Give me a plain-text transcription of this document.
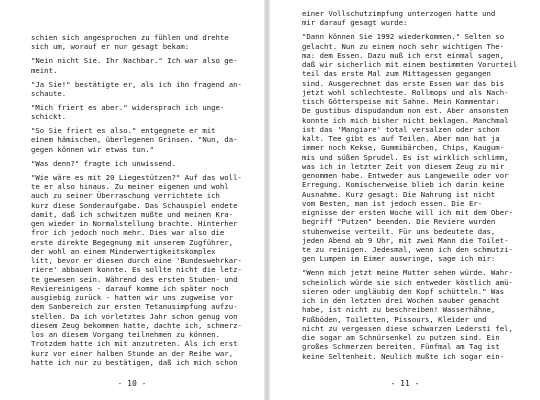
schien sich angesprochen zu fühlen und drehte
sich um, worauf er nur gesagt bekam:
"Nein nicht Sie. Ihr Nachbar." Ich war also ge-
meint.
"Ja Sie!" bestätigte er, als ich ihn fragend an-
schaute.
"Mich friert es aber." widersprach ich unge-
schickt.
"So Sie friert es also." entgegnete er mit
einem hämischen, überlegenen Grinsen. "Nun, da-
gegen können wir etwas tun."
"Was denn?" fragte ich unwissend.
"Wie wäre es mit 20 Liegestützen?" Auf das woll-
te er also hinaus. Zu meiner eigenen und wohl
auch zu seiner Überraschung verrichtete ich
kurz diese Sonderaufgabe. Das Schauspiel endete
damit, daß ich schwitzen mußte und meinen Kra-
gen wieder in Normalstellung brachte. Hinterher
fror ich jedoch noch mehr. Dies war also die
erste direkte Begegnung mit unserem Zugführer,
der wohl an einem Minderwertigkeitskomplex
litt, bevor er diesen durch eine 'Bundeswehrkar-
riere' abbauen konnte. Es sollte nicht die letz-
te gewesen sein. Während des ersten Stuben- und
Reviereinigens - darauf komme ich später noch
ausgiebig zurück - hatten wir uns zugweise vor
dem Sanbereich zur ersten Tetanusimpfung aufzu-
stellen. Da ich vorletztes Jahr schon genug von
diesem Zeug bekommen hatte, dachte ich, schmerz-
los an diesem Vorgang teilnehmen zu können.
Trotzdem hatte ich mit anzutreten. Als ich erst
kurz vor einer halben Stunde an der Reihe war,
hatte ich nur zu bestätigen, daß ich mich schon
- 10 -
einer Vollschutzimpfung unterzogen hatte und
mir darauf gesagt wurde:
"Dann können Sie 1992 wiederkommen." Selten so
gelacht. Nun zu einem noch sehr wichtigen The-
ma: dem Essen. Dazu muß ich erst einmal sagen,
daß wir sicherlich mit einem bestimmten Vorurteil
teil das erste Mal zum Mittagessen gegangen
sind. Ausgerechnet das erste Essen war das bis
jetzt wohl schlechteste. Rollmops und als Nach-
tisch Götterspeise mit Sahne. Mein Kommentar:
De gustibus dispudandum non est. Aber ansonsten
konnte ich mich bisher nicht beklagen. Manchmal
ist das 'Mangiare' total versalzen oder schon
kalt. Tee gibt es auf Teilen. Aber man hat ja
immer noch Kekse, Gummibärchen, Chips, Kaugum-
mis und süßen Sprudel. Es ist wirklich schlimm,
was ich in letzter Zeit von diesem Zeug zu mir
genommen habe. Entweder aus Langeweile oder vor
Erregung. Komischerweise blieb ich darin keine
Ausnahme. Kurz gesagt: Die Nahrung ist nicht
vom Besten, man ist jedoch essen. Die Er-
eignisse der ersten Woche will ich mit dem Ober-
begriff "Putzen" beenden. Die Reviere wurden
stubenweise verteilt. Für uns bedeutete das,
jeden Abend ab 9 Uhr, mit zwei Mann die Toilet-
te zu reinigen. Jedesmal, wenn ich den schmutzi-
gen Lumpen im Eimer auswringe, sage ich mir:
"Wenn mich jetzt meine Mutter sehen würde. Wahr-
scheinlich würde sie sich entweder köstlich amü-
sieren oder ungläubig den Kopf schütteln." Was
ich in den letzten drei Wochen sauber gemacht
habe, ist nicht zu beschreiben! Wasserhähne,
Fußböden, Toiletten, Pissours, Kleider und
nicht zu vergessen diese schwarzen Ledersti fel,
die sogar am Schnürsenkel zu putzen sind. Ein
großes Schmerzen bereiten. Fünfmal am Tag ist
keine Seltenheit. Neulich mußte ich sogar ein-
- 11 -
